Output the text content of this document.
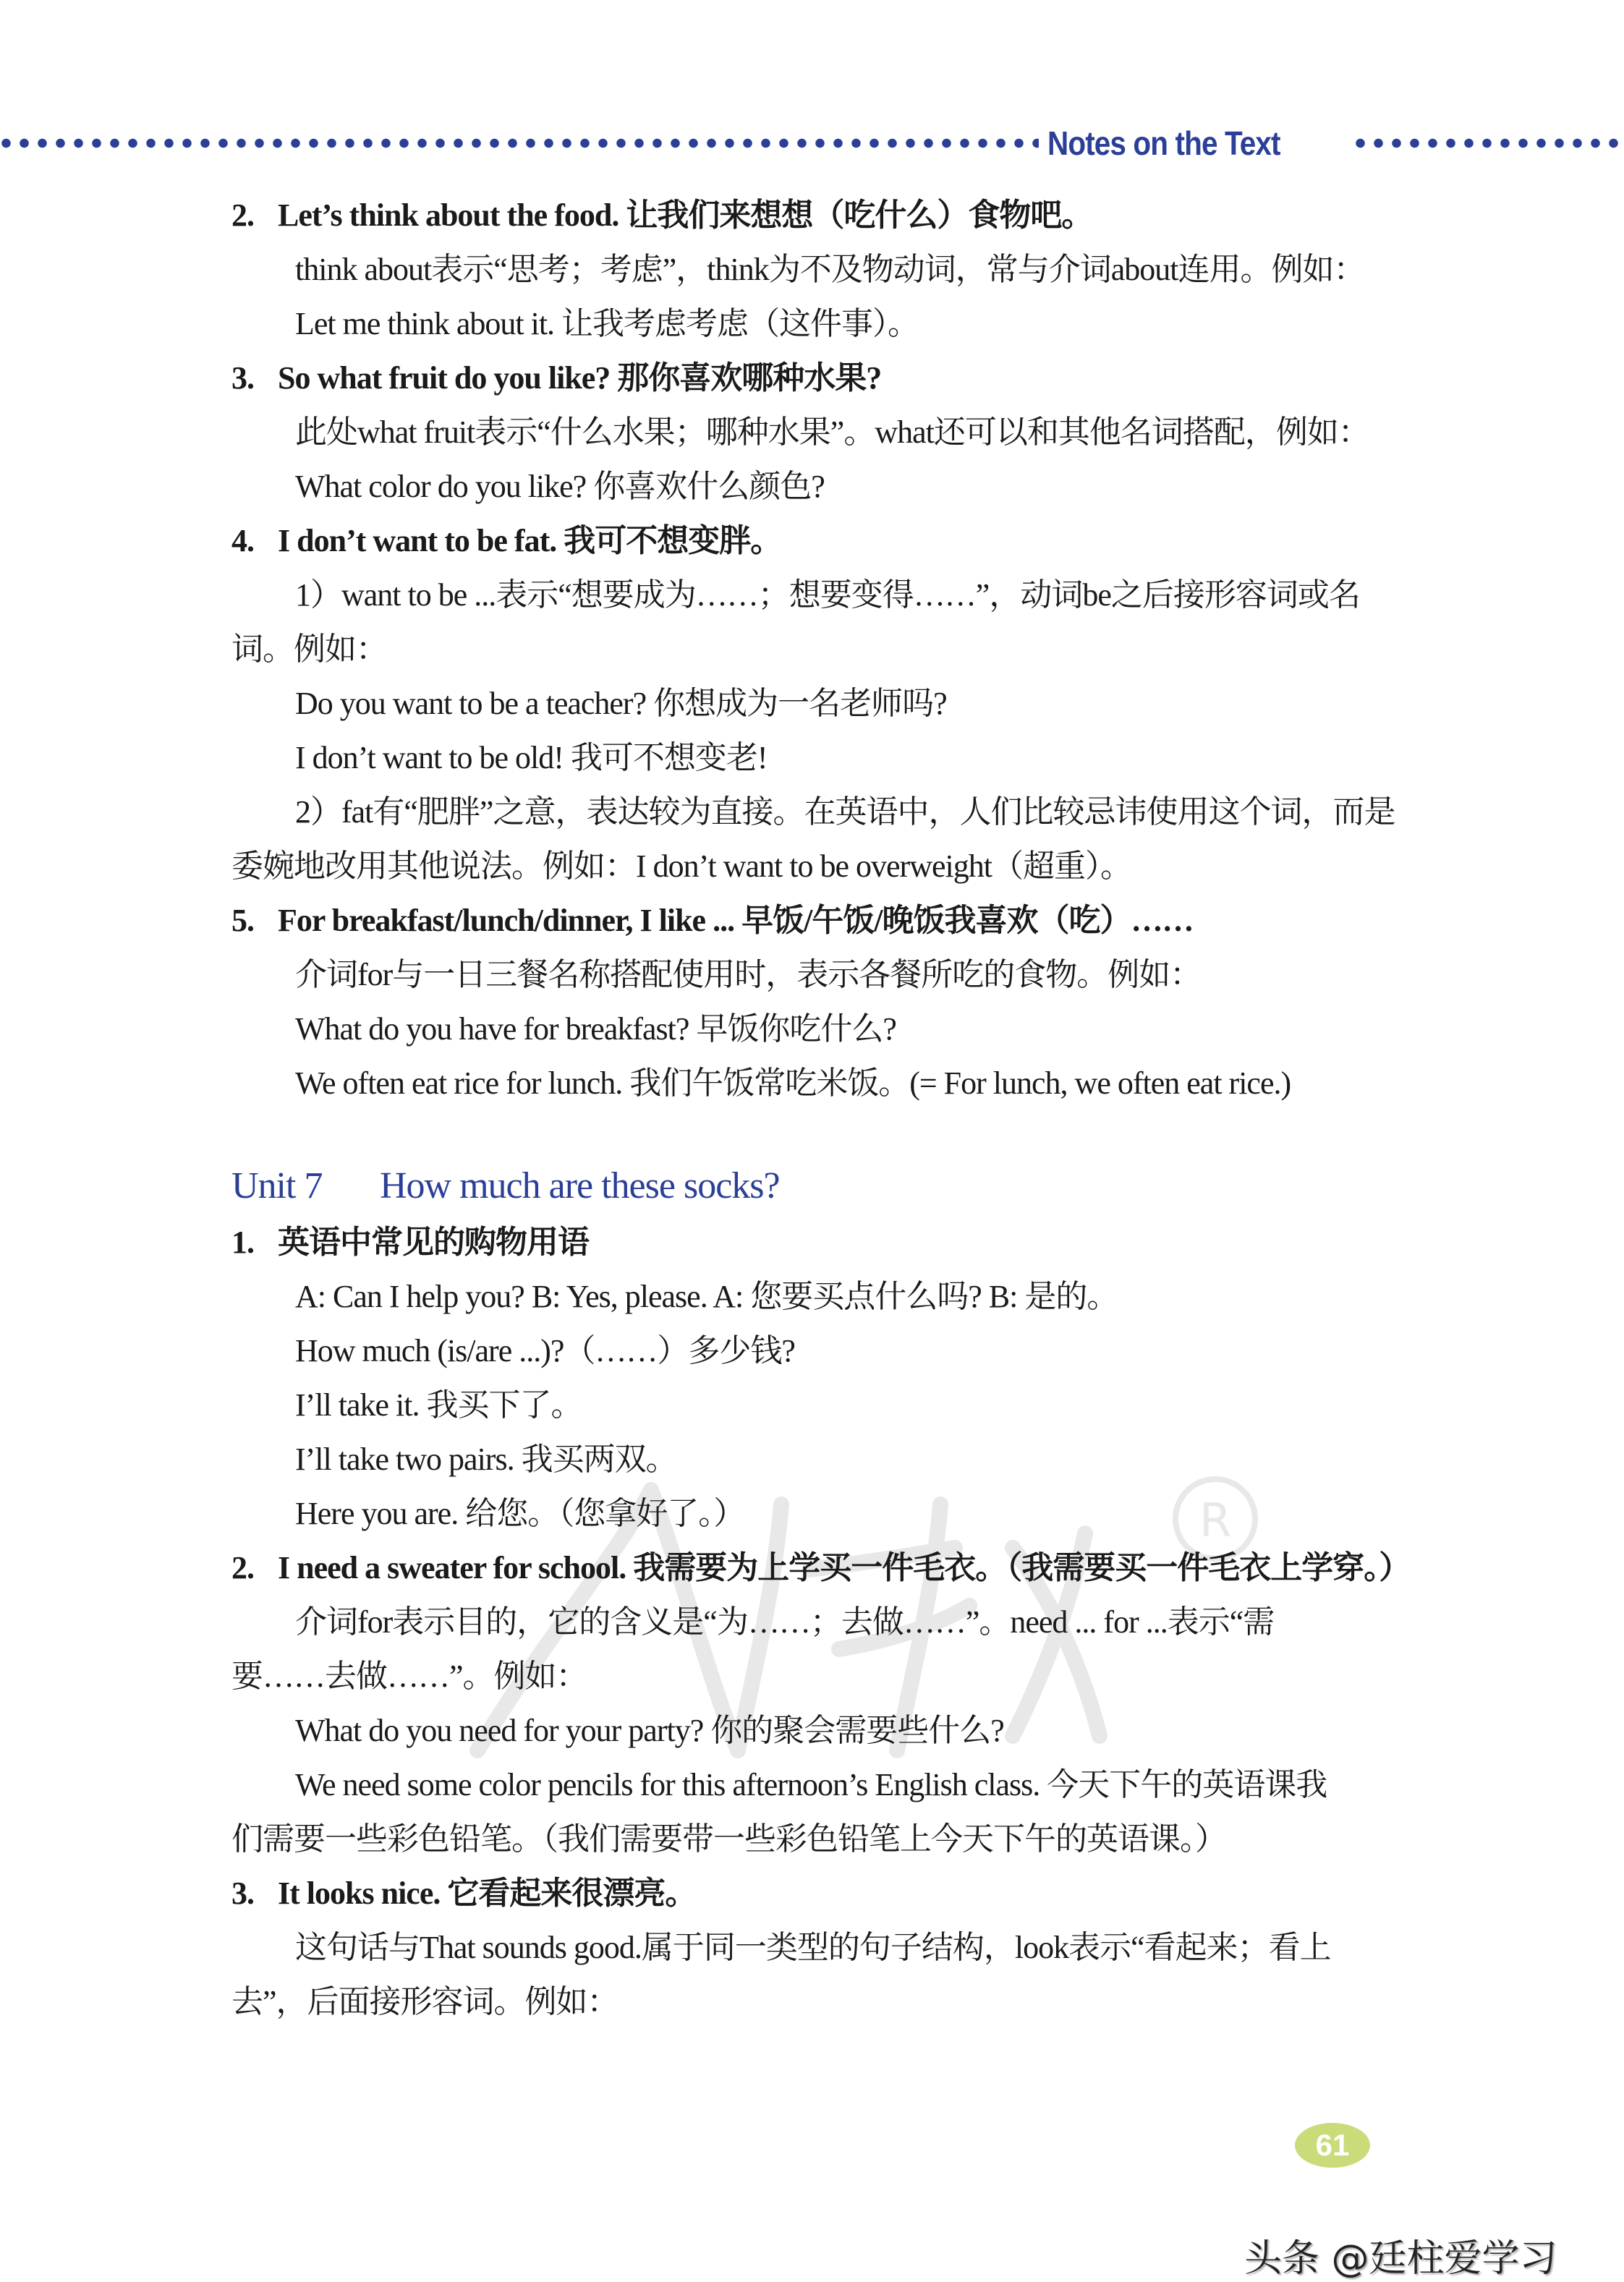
Notes on the Text
R
2. Let’s think about the food. 让我们来想想（吃什么）食物吧。
think about表示“思考；考虑”，think为不及物动词，常与介词about连用。例如：
Let me think about it. 让我考虑考虑（这件事）。
3. So what fruit do you like? 那你喜欢哪种水果?
此处what fruit表示“什么水果；哪种水果”。what还可以和其他名词搭配，例如：
What color do you like? 你喜欢什么颜色?
4. I don’t want to be fat. 我可不想变胖。
1）want to be ...表示“想要成为……；想要变得……”，动词be之后接形容词或名
词。例如：
Do you want to be a teacher? 你想成为一名老师吗?
I don’t want to be old! 我可不想变老!
2）fat有“肥胖”之意，表达较为直接。在英语中，人们比较忌讳使用这个词，而是
委婉地改用其他说法。例如：I don’t want to be overweight（超重）。
5. For breakfast/lunch/dinner, I like ... 早饭/午饭/晚饭我喜欢（吃）……
介词for与一日三餐名称搭配使用时，表示各餐所吃的食物。例如：
What do you have for breakfast? 早饭你吃什么?
We often eat rice for lunch. 我们午饭常吃米饭。(= For lunch, we often eat rice.)
Unit 7 How much are these socks?
1. 英语中常见的购物用语
A: Can I help you? B: Yes, please. A: 您要买点什么吗? B: 是的。
How much (is/are ...)?（……）多少钱?
I’ll take it. 我买下了。
I’ll take two pairs. 我买两双。
Here you are. 给您。（您拿好了。）
2. I need a sweater for school. 我需要为上学买一件毛衣。（我需要买一件毛衣上学穿。）
介词for表示目的，它的含义是“为……；去做……”。need ... for ...表示“需
要……去做……”。例如：
What do you need for your party? 你的聚会需要些什么?
We need some color pencils for this afternoon’s English class. 今天下午的英语课我
们需要一些彩色铅笔。（我们需要带一些彩色铅笔上今天下午的英语课。）
3. It looks nice. 它看起来很漂亮。
这句话与That sounds good.属于同一类型的句子结构，look表示“看起来；看上
去”，后面接形容词。例如：
61
头条 @廷柱爱学习
